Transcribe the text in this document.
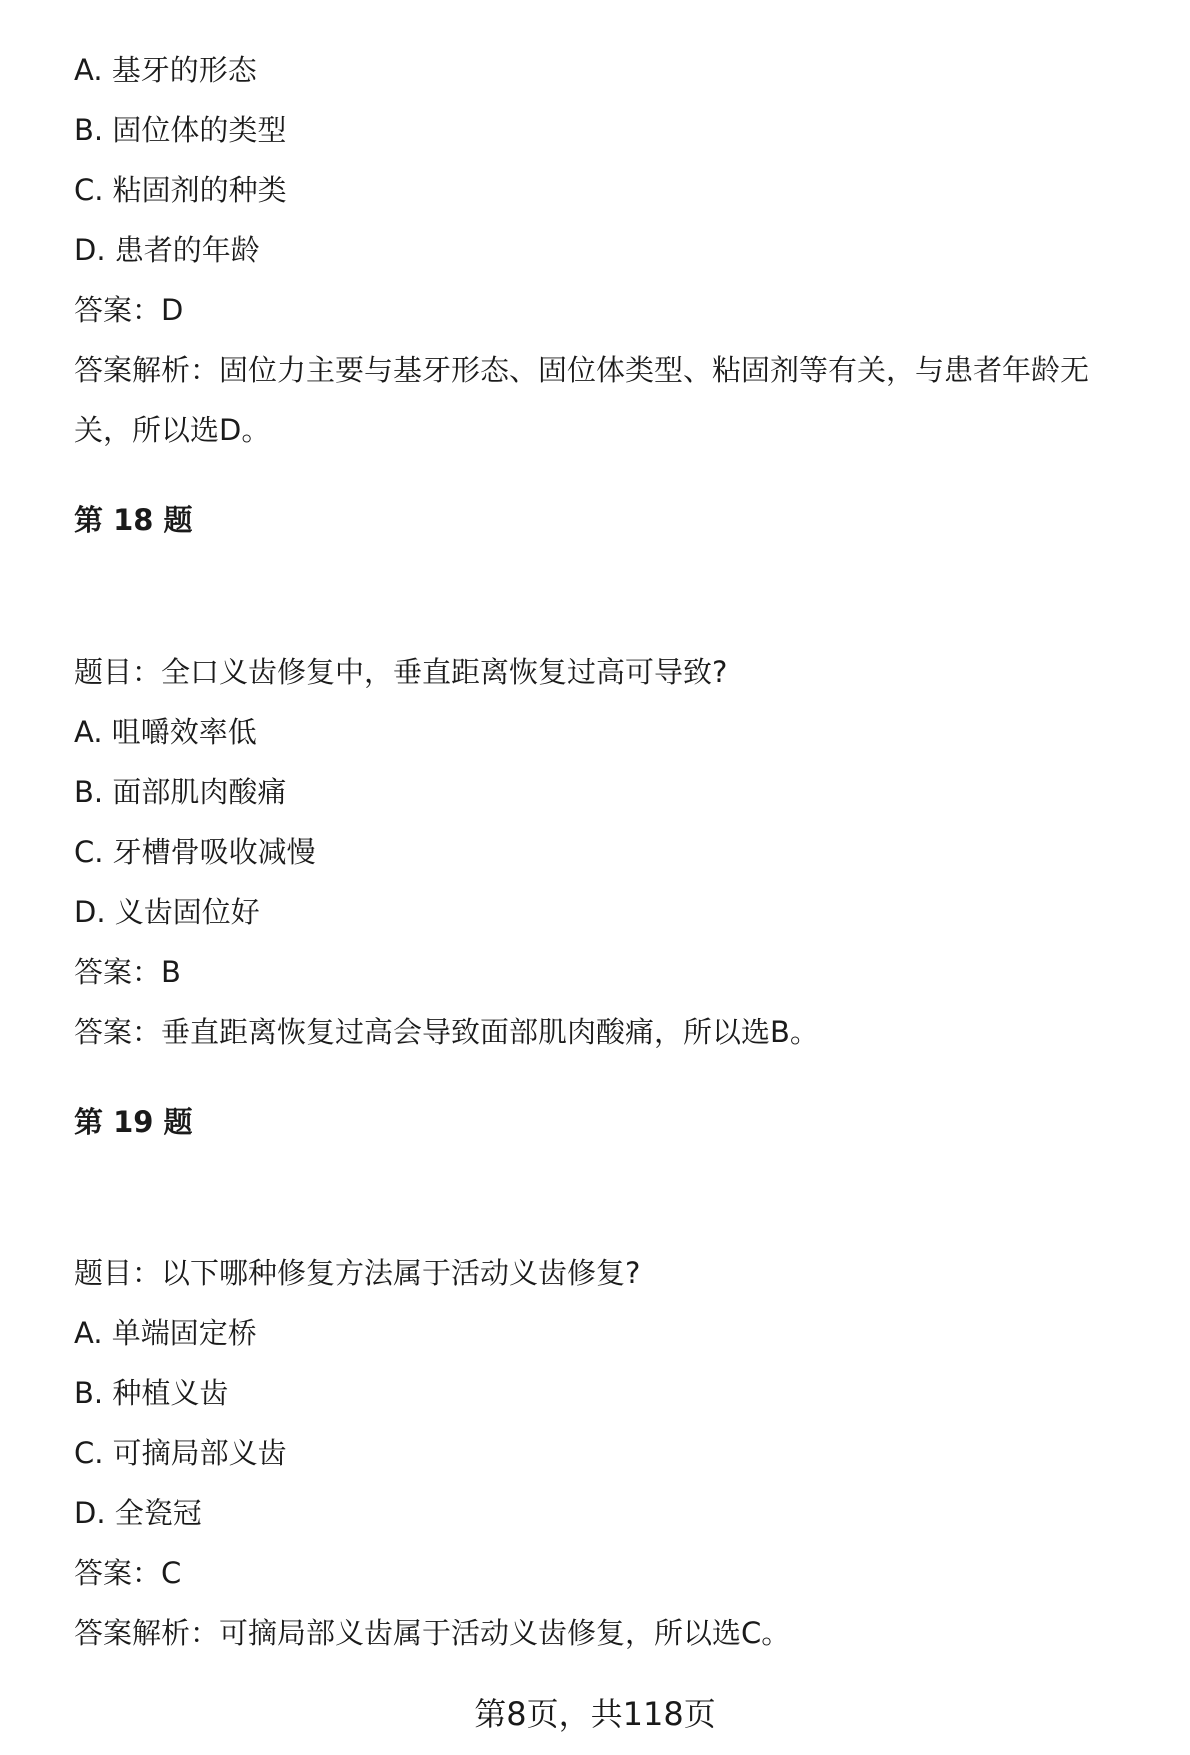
A. 基牙的形态
B. 固位体的类型
C. 粘固剂的种类
D. 患者的年龄
答案：D
答案解析：固位力主要与基牙形态、固位体类型、粘固剂等有关，与患者年龄无
关，所以选D。
第 18 题
题目：全口义齿修复中，垂直距离恢复过高可导致?
A. 咀嚼效率低
B. 面部肌肉酸痛
C. 牙槽骨吸收减慢
D. 义齿固位好
答案：B
答案：垂直距离恢复过高会导致面部肌肉酸痛，所以选B。
第 19 题
题目：以下哪种修复方法属于活动义齿修复?
A. 单端固定桥
B. 种植义齿
C. 可摘局部义齿
D. 全瓷冠
答案：C
答案解析：可摘局部义齿属于活动义齿修复，所以选C。
第8页，共118页
